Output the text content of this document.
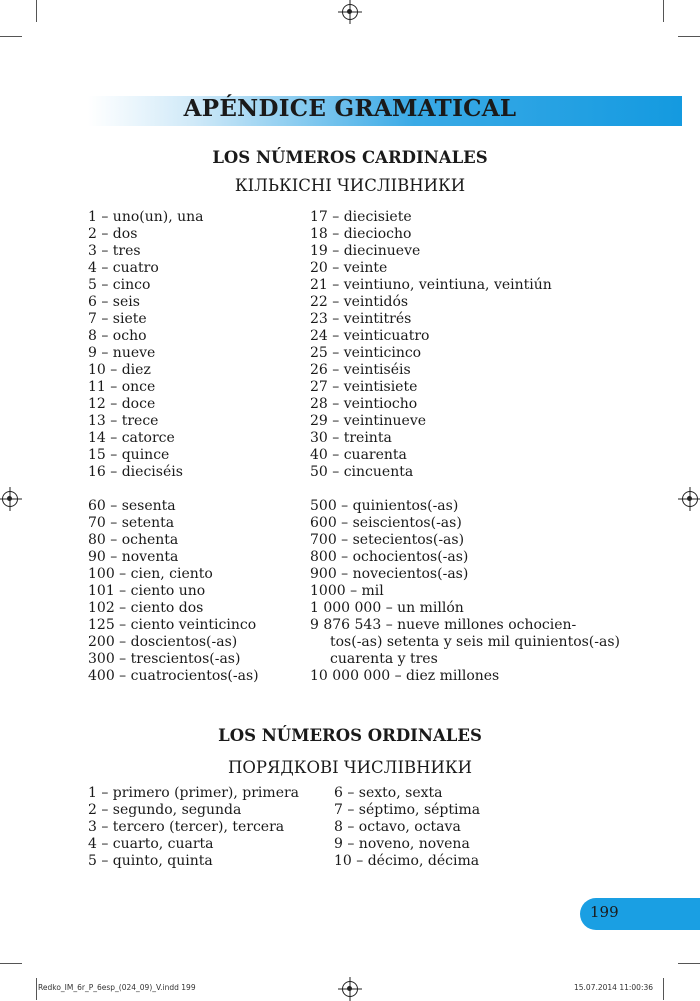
APÉNDICE GRAMATICAL
LOS NÚMEROS CARDINALES
КІЛЬКІСНІ ЧИСЛІВНИКИ
1 – uno(un), una
2 – dos
3 – tres
4 – cuatro
5 – cinco
6 – seis
7 – siete
8 – ocho
9 – nueve
10 – diez
11 – once
12 – doce
13 – trece
14 – catorce
15 – quince
16 – dieciséis
17 – diecisiete
18 – dieciocho
19 – diecinueve
20 – veinte
21 – veintiuno, veintiuna, veintiún
22 – veintidós
23 – veintitrés
24 – veinticuatro
25 – veinticinco
26 – veintiséis
27 – veintisiete
28 – veintiocho
29 – veintinueve
30 – treinta
40 – cuarenta
50 – cincuenta
60 – sesenta
70 – setenta
80 – ochenta
90 – noventa
100 – cien, ciento
101 – ciento uno
102 – ciento dos
125 – ciento veinticinco
200 – doscientos(-as)
300 – trescientos(-as)
400 – cuatrocientos(-as)
500 – quinientos(-as)
600 – seiscientos(-as)
700 – setecientos(-as)
800 – ochocientos(-as)
900 – novecientos(-as)
1000 – mil
1 000 000 – un millón
9 876 543 – nueve millones ochocien-
tos(-as) setenta y seis mil quinientos(-as)
cuarenta y tres
10 000 000 – diez millones
LOS NÚMEROS ORDINALES
ПОРЯДКОВІ ЧИСЛІВНИКИ
1 – primero (primer), primera
2 – segundo, segunda
3 – tercero (tercer), tercera
4 – cuarto, cuarta
5 – quinto, quinta
6 – sexto, sexta
7 – séptimo, séptima
8 – octavo, octava
9 – noveno, novena
10 – décimo, décima
199
Redko_IM_6r_P_6esp_(024_09)_V.indd 199	15.07.2014 11:00:36
